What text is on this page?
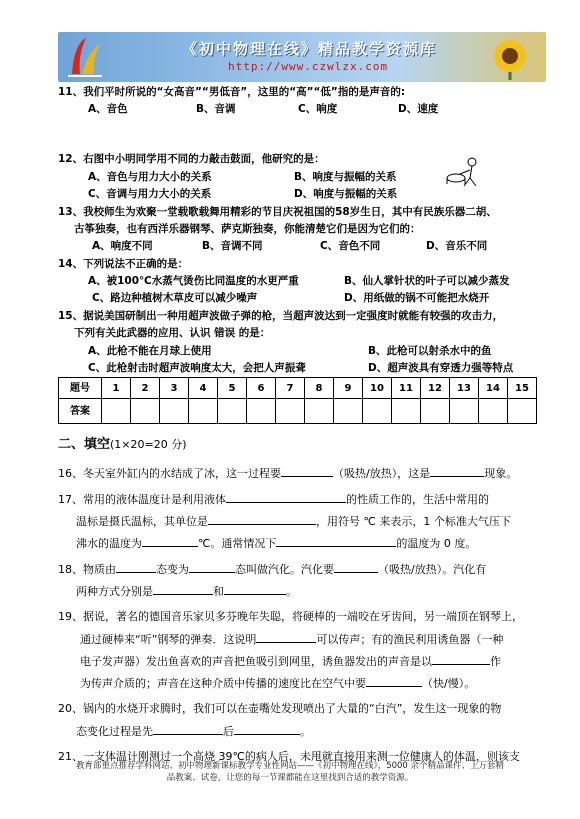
《初中物理在线》精品教学资源库
http://www.czwlzx.com
11、我们平时所说的“女高音”“男低音”，这里的“高”“低”指的是声音的:
A、音色	B、音调	C、响度	D、速度
12、右图中小明同学用不同的力敲击鼓面，他研究的是：
A、音色与用力大小的关系	B、响度与振幅的关系
C、音调与用力大小的关系	D、响度与振幅的关系
13、我校师生为欢聚一堂载歌载舞用精彩的节目庆祝祖国的58岁生日，其中有民族乐器二胡、
古筝独奏，也有西洋乐器钢琴、萨克斯独奏，你能清楚它们是因为它们的：
A、响度不同	B、音调不同	C、音色不同	D、音乐不同
14、下列说法不正确的是：
A、被100℃水蒸气烫伤比同温度的水更严重	B、仙人掌针状的叶子可以减少蒸发
C、路边种植树木草皮可以减少噪声	D、用纸做的锅不可能把水烧开
15、据说美国研制出一种用超声波做子弹的枪，当超声波达到一定强度时就能有较强的攻击力，
下列有关此武器的应用、认识 错误 的是：
A、此枪不能在月球上使用	B、此枪可以射杀水中的鱼
C、此枪射击时超声波响度太大，会把人声振聋	D、超声波具有穿透力强等特点
题号	1	2	3	4	5	6	7	8	9	10	11	12	13	14	15
答案															
二、填空(1×20=20 分)
16、冬天室外缸内的水结成了冰，这一过程要	（吸热/放热），这是	现象。
17、常用的液体温度计是利用液体	的性质工作的，生活中常用的
温标是摄氏温标，其单位是	，用符号 ℃ 来表示，1 个标准大气压下
沸水的温度为	℃。通常情况下	的温度为 0 度。
18、物质由	态变为	态叫做汽化。汽化要	（吸热/放热）。汽化有
两种方式分别是	和	。
19、据说，著名的德国音乐家贝多芬晚年失聪，将硬棒的一端咬在牙齿间，另一端顶在钢琴上，
通过硬棒来“听”钢琴的弹奏．这说明	可以传声；有的渔民利用诱鱼器（一种
电子发声器）发出鱼喜欢的声音把鱼吸引到网里，诱鱼器发出的声音是以	作
为传声介质的；声音在这种介质中传播的速度比在空气中要	（快/慢）。
20、锅内的水烧开求腾时，我们可以在壶嘴处发现喷出了大量的“白汽”，发生这一现象的物
态变化过程是先	后	。
21、一支体温计刚测过一个高烧 39℃的病人后，未甩就直接用来测一位健康人的体温，则该支
教育部重点推荐学科网站、初中物理新课标教学专业性网站——《初中物理在线》，5000 余个精品课件、上万套精
品教案、试卷，让您的每一节课都能在这里找到合适的教学资源。
